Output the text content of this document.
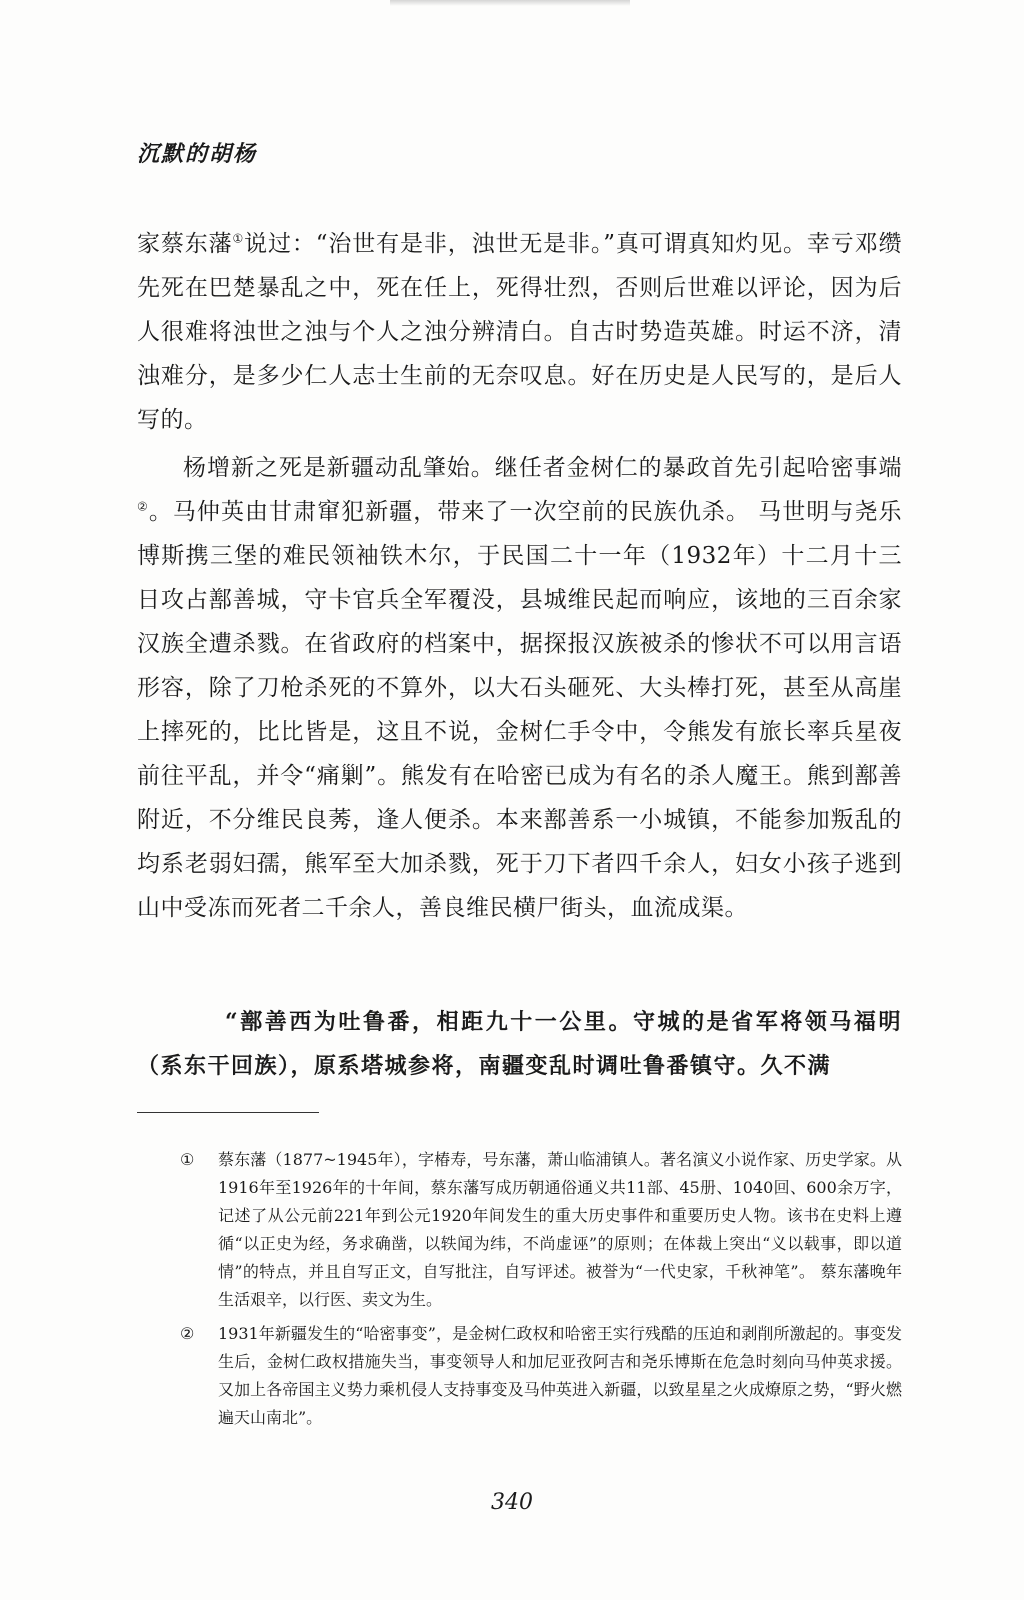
沉默的胡杨

家蔡东藩①说过：“治世有是非，浊世无是非。”真可谓真知灼见。幸亏邓缵先死在巴楚暴乱之中，死在任上，死得壮烈，否则后世难以评论，因为后人很难将浊世之浊与个人之浊分辨清白。自古时势造英雄。时运不济，清浊难分，是多少仁人志士生前的无奈叹息。好在历史是人民写的，是后人写的。

杨增新之死是新疆动乱肇始。继任者金树仁的暴政首先引起哈密事端②。马仲英由甘肃窜犯新疆，带来了一次空前的民族仇杀。 马世明与尧乐博斯携三堡的难民领袖铁木尔，于民国二十一年（1932年）十二月十三日攻占鄯善城，守卡官兵全军覆没，县城维民起而响应，该地的三百余家汉族全遭杀戮。在省政府的档案中，据探报汉族被杀的惨状不可以用言语形容，除了刀枪杀死的不算外，以大石头砸死、大头棒打死，甚至从高崖上摔死的，比比皆是，这且不说，金树仁手令中，令熊发有旅长率兵星夜前往平乱，并令“痛剿”。熊发有在哈密已成为有名的杀人魔王。熊到鄯善附近，不分维民良莠，逢人便杀。本来鄯善系一小城镇，不能参加叛乱的均系老弱妇孺，熊军至大加杀戮，死于刀下者四千余人，妇女小孩子逃到山中受冻而死者二千余人，善良维民横尸街头，血流成渠。

“鄯善西为吐鲁番，相距九十一公里。守城的是省军将领马福明（系东干回族），原系塔城参将，南疆变乱时调吐鲁番镇守。久不满
① 蔡东藩（1877~1945年），字椿寿，号东藩，萧山临浦镇人。著名演义小说作家、历史学家。从1916年至1926年的十年间，蔡东藩写成历朝通俗通义共11部、45册、1040回、600余万字，记述了从公元前221年到公元1920年间发生的重大历史事件和重要历史人物。该书在史料上遵循“以正史为经，务求确凿，以轶闻为纬，不尚虚诬”的原则；在体裁上突出“义以载事，即以道情”的特点，并且自写正文，自写批注，自写评述。被誉为“一代史家，千秋神笔”。 蔡东藩晚年生活艰辛，以行医、卖文为生。
② 1931年新疆发生的“哈密事变”，是金树仁政权和哈密王实行残酷的压迫和剥削所激起的。事变发生后，金树仁政权措施失当，事变领导人和加尼亚孜阿吉和尧乐博斯在危急时刻向马仲英求援。又加上各帝国主义势力乘机侵人支持事变及马仲英进入新疆，以致星星之火成燎原之势，“野火燃遍天山南北”。
340
